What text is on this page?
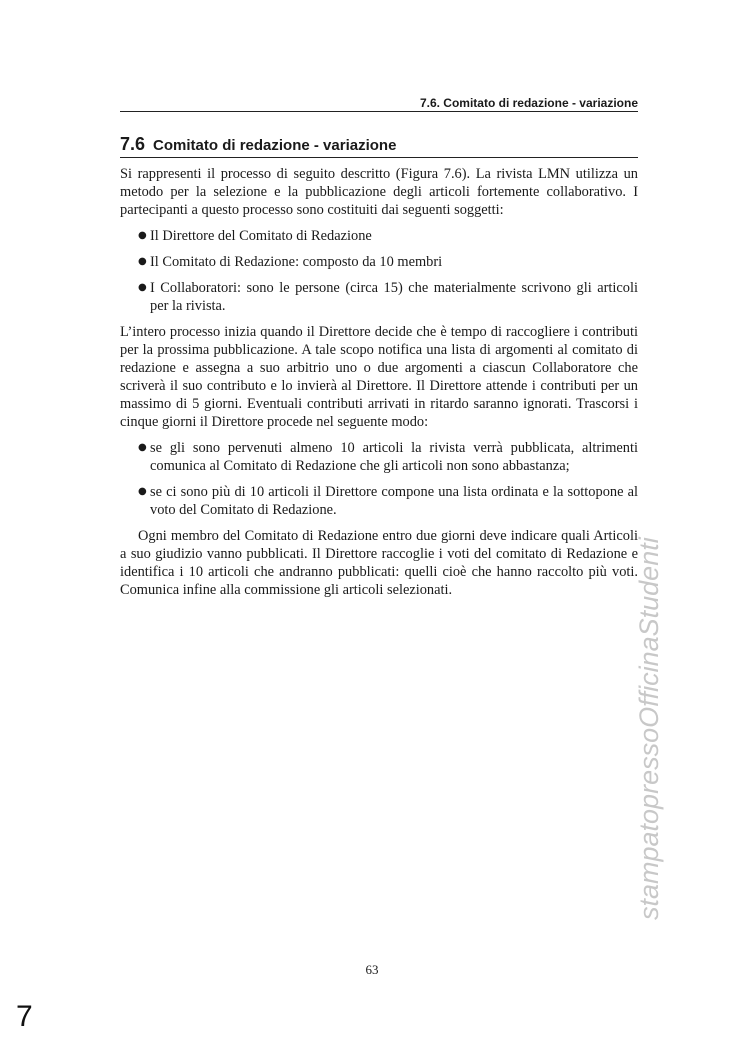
7.6. Comitato di redazione - variazione
7.6 Comitato di redazione - variazione

Si rappresenti il processo di seguito descritto (Figura 7.6). La rivista LMN utilizza un metodo per la selezione e la pubblicazione degli articoli fortemente collaborativo. I partecipanti a questo processo sono costituiti dai seguenti soggetti:

● Il Direttore del Comitato di Redazione
● Il Comitato di Redazione: composto da 10 membri
● I Collaboratori: sono le persone (circa 15) che materialmente scrivono gli articoli per la rivista.

L’intero processo inizia quando il Direttore decide che è tempo di raccogliere i contributi per la prossima pubblicazione. A tale scopo notifica una lista di argomenti al comitato di redazione e assegna a suo arbitrio uno o due argomenti a ciascun Collaboratore che scriverà il suo contributo e lo invierà al Direttore. Il Direttore attende i contributi per un massimo di 5 giorni. Eventuali contributi arrivati in ritardo saranno ignorati. Trascorsi i cinque giorni il Direttore procede nel seguente modo:

● se gli sono pervenuti almeno 10 articoli la rivista verrà pubblicata, altrimenti comunica al Comitato di Redazione che gli articoli non sono abbastanza;
● se ci sono più di 10 articoli il Direttore compone una lista ordinata e la sottopone al voto del Comitato di Redazione.

Ogni membro del Comitato di Redazione entro due giorni deve indicare quali Articoli a suo giudizio vanno pubblicati. Il Direttore raccoglie i voti del comitato di Redazione e identifica i 10 articoli che andranno pubblicati: quelli cioè che hanno raccolto più voti. Comunica infine alla commissione gli articoli selezionati.	stampatopressoOfficinaStudenti
63
7
